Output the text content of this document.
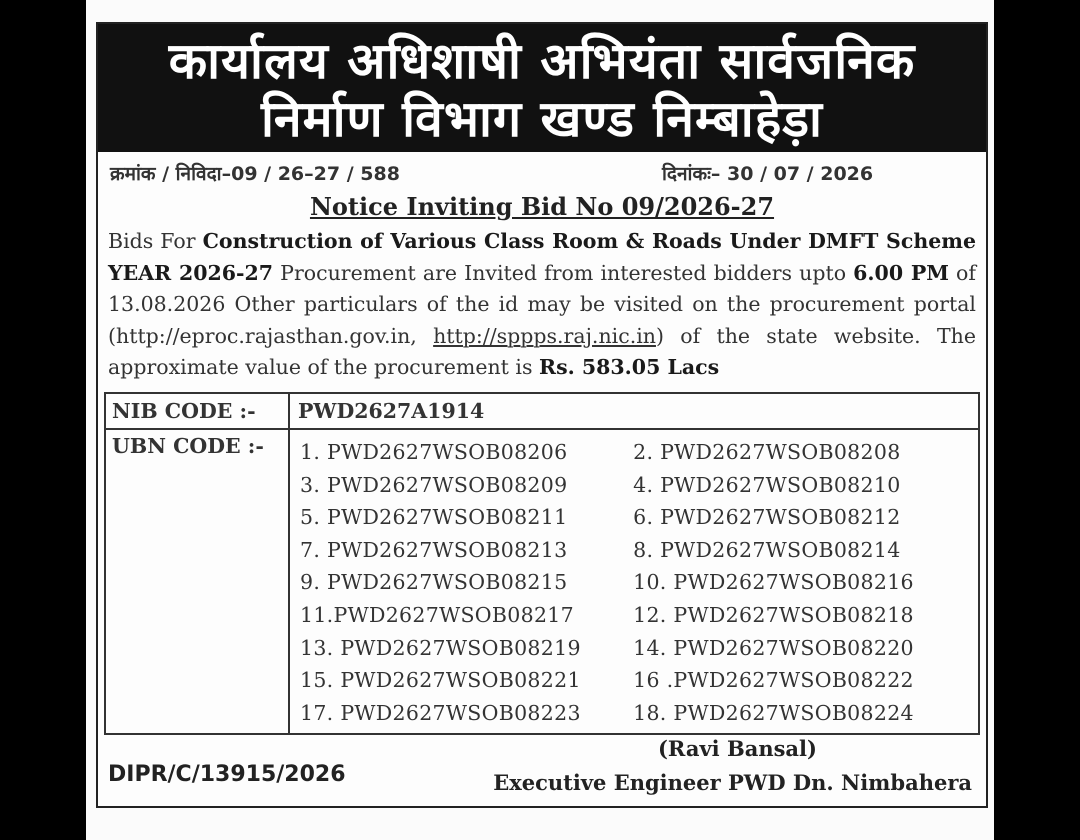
कार्यालय अधिशाषी अभियंता सार्वजनिक
निर्माण विभाग खण्ड निम्बाहेड़ा
क्रमांक / निविदा–09 / 26–27 / 588	दिनांकः– 30 / 07 / 2026
Notice Inviting Bid No 09/2026-27
Bids For Construction of Various Class Room & Roads Under DMFT Scheme YEAR 2026-27 Procurement are Invited from interested bidders upto 6.00 PM of 13.08.2026 Other particulars of the id may be visited on the procurement portal (http://eproc.rajasthan.gov.in, http://sppps.raj.nic.in) of the state website. The approximate value of the procurement is Rs. 583.05 Lacs
NIB CODE :-	PWD2627A1914
UBN CODE :-	1. PWD2627WSOB08206 2. PWD2627WSOB08208 3. PWD2627WSOB08209 4. PWD2627WSOB08210 5. PWD2627WSOB08211 6. PWD2627WSOB08212 7. PWD2627WSOB08213 8. PWD2627WSOB08214 9. PWD2627WSOB08215 10. PWD2627WSOB08216 11.PWD2627WSOB08217 12. PWD2627WSOB08218 13. PWD2627WSOB08219 14. PWD2627WSOB08220 15. PWD2627WSOB08221 16 .PWD2627WSOB08222 17. PWD2627WSOB08223 18. PWD2627WSOB08224
(Ravi Bansal)
DIPR/C/13915/2026	Executive Engineer PWD Dn. Nimbahera
